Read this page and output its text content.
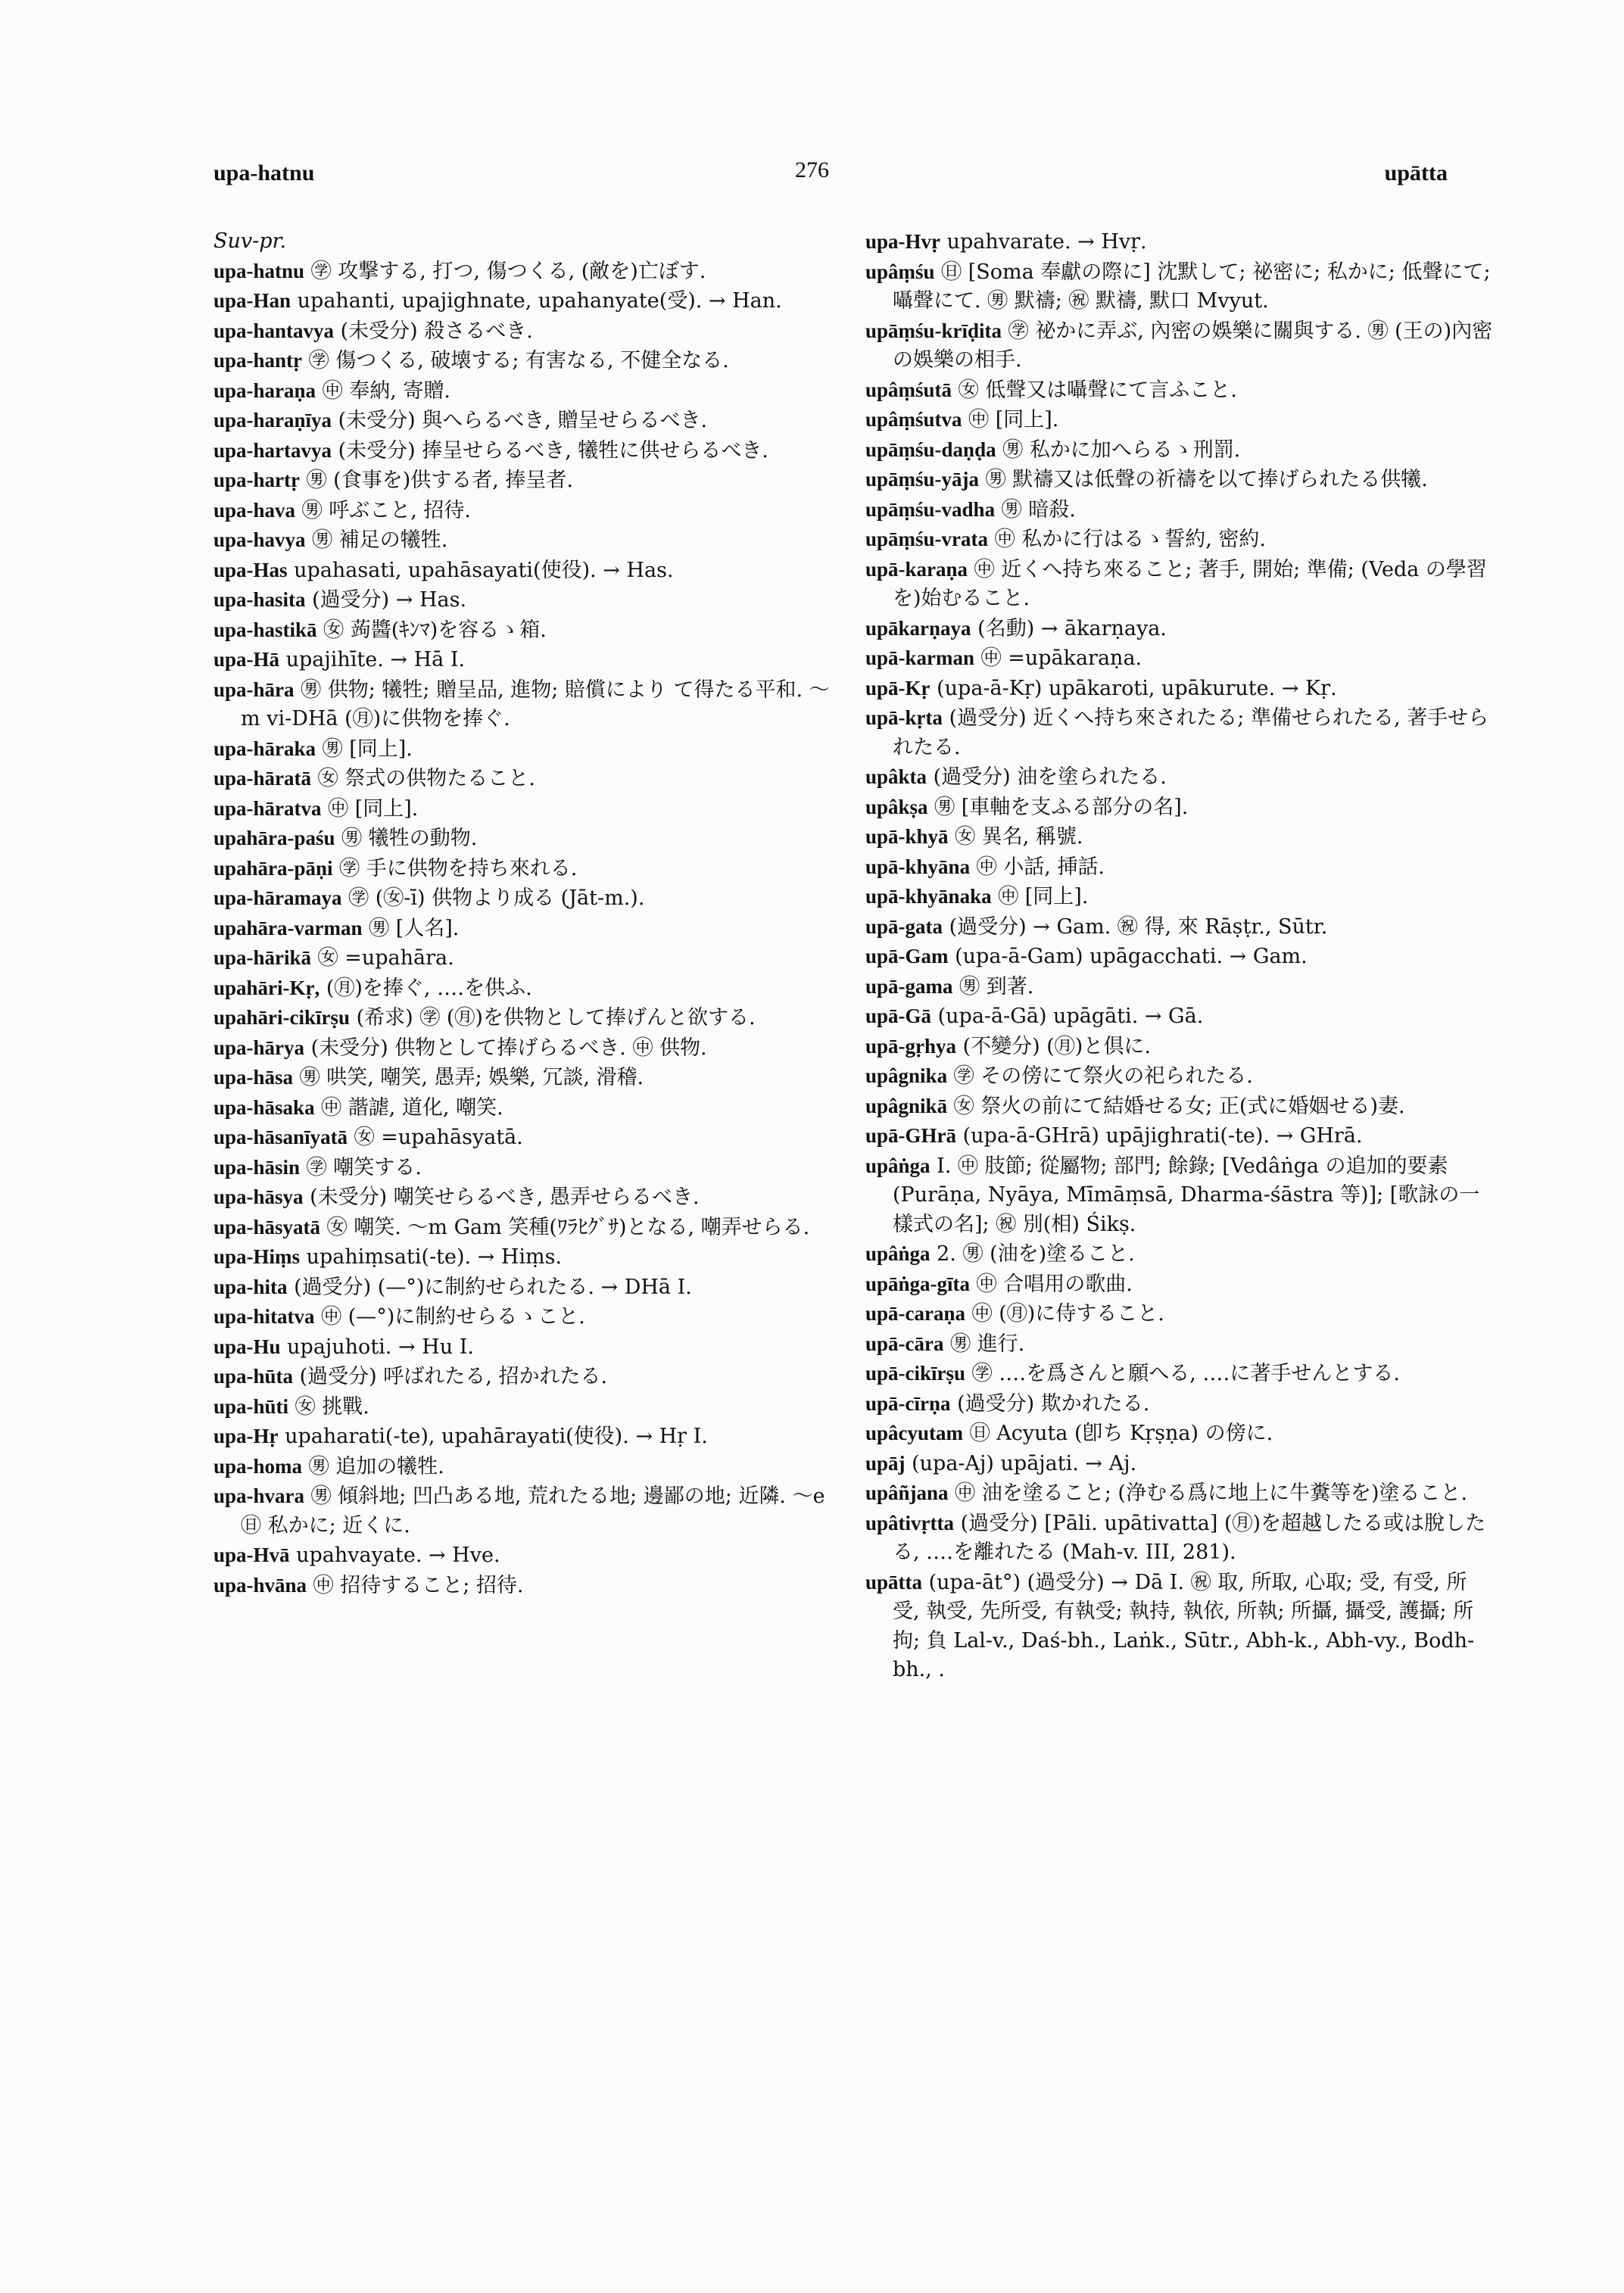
upa-hatnu	276	upātta

Suv-pr.

upa-hatnu ㊫ 攻撃する, 打つ, 傷つくる, (敵を)亡ぼす.

upa-Han upahanti, upajighnate, upahanyate(受). → Han.

upa-hantavya (未受分) 殺さるべき.

upa-hantṛ ㊫ 傷つくる, 破壊する; 有害なる, 不健全なる.

upa-haraṇa ㊥ 奉納, 寄贈.

upa-haraṇīya (未受分) 與へらるべき, 贈呈せらるべき.

upa-hartavya (未受分) 捧呈せらるべき, 犧牲に供せらるべき.

upa-hartṛ ㊚ (食事を)供する者, 捧呈者.

upa-hava ㊚ 呼ぶこと, 招待.

upa-havya ㊚ 補足の犧牲.

upa-Has upahasati, upahāsayati(使役). → Has.

upa-hasita (過受分) → Has.

upa-hastikā ㊛ 蒟醬(ｷﾝﾏ)を容るゝ箱.

upa-Hā upajihīte. → Hā I.

upa-hāra ㊚ 供物; 犧牲; 贈呈品, 進物; 賠償により て得たる平和. ～m vi-DHā (㊊)に供物を捧ぐ.

upa-hāraka ㊚ [同上].

upa-hāratā ㊛ 祭式の供物たること.

upa-hāratva ㊥ [同上].

upahāra-paśu ㊚ 犧牲の動物.

upahāra-pāṇi ㊫ 手に供物を持ち來れる.

upa-hāramaya ㊫ (㊛-ī) 供物より成る (Jāt-m.).

upahāra-varman ㊚ [人名].

upa-hārikā ㊛ =upahāra.

upahāri-Kṛ, (㊊)を捧ぐ, ‥‥を供ふ.

upahāri-cikīrṣu (希求) ㊫ (㊊)を供物として捧げんと欲する.

upa-hārya (未受分) 供物として捧げらるべき. ㊥ 供物.

upa-hāsa ㊚ 哄笑, 嘲笑, 愚弄; 娛樂, 冗談, 滑稽.

upa-hāsaka ㊥ 諧謔, 道化, 嘲笑.

upa-hāsanīyatā ㊛ =upahāsyatā.

upa-hāsin ㊫ 嘲笑する.

upa-hāsya (未受分) 嘲笑せらるべき, 愚弄せらるべき.

upa-hāsyatā ㊛ 嘲笑. ～m Gam 笑種(ﾜﾗﾋｸﾞｻ)となる, 嘲弄せらる.

upa-Hiṃs upahiṃsati(-te). → Hiṃs.

upa-hita (過受分) (—°)に制約せられたる. → DHā I.

upa-hitatva ㊥ (—°)に制約せらるゝこと.

upa-Hu upajuhoti. → Hu I.

upa-hūta (過受分) 呼ばれたる, 招かれたる.

upa-hūti ㊛ 挑戰.

upa-Hṛ upaharati(-te), upahārayati(使役). → Hṛ I.

upa-homa ㊚ 追加の犧牲.

upa-hvara ㊚ 傾斜地; 凹凸ある地, 荒れたる地; 邊鄙の地; 近隣. ～e ㊐ 私かに; 近くに.

upa-Hvā upahvayate. → Hve.

upa-hvāna ㊥ 招待すること; 招待.

upa-Hvṛ upahvarate. → Hvṛ.

upâṃśu ㊐ [Soma 奉獻の際に] 沈默して; 祕密に; 私かに; 低聲にて; 囁聲にて. ㊚ 默禱; ㊗ 默禱, 默口 Mvyut.

upāṃśu-krīḍita ㊫ 祕かに弄ぶ, 內密の娛樂に關與する. ㊚ (王の)內密の娛樂の相手.

upâṃśutā ㊛ 低聲又は囁聲にて言ふこと.

upâṃśutva ㊥ [同上].

upāṃśu-daṇḍa ㊚ 私かに加へらるゝ刑罰.

upāṃśu-yāja ㊚ 默禱又は低聲の祈禱を以て捧げられたる供犧.

upāṃśu-vadha ㊚ 暗殺.

upāṃśu-vrata ㊥ 私かに行はるゝ誓約, 密約.

upā-karaṇa ㊥ 近くへ持ち來ること; 著手, 開始; 準備; (Veda の學習を)始むること.

upākarṇaya (名動) → ākarṇaya.

upā-karman ㊥ =upākaraṇa.

upā-Kṛ (upa-ā-Kṛ) upākaroti, upākurute. → Kṛ.

upā-kṛta (過受分) 近くへ持ち來されたる; 準備せられたる, 著手せられたる.

upâkta (過受分) 油を塗られたる.

upâkṣa ㊚ [車軸を支ふる部分の名].

upā-khyā ㊛ 異名, 稱號.

upā-khyāna ㊥ 小話, 挿話.

upā-khyānaka ㊥ [同上].

upā-gata (過受分) → Gam. ㊗ 得, 來 Rāṣṭr., Sūtr.

upā-Gam (upa-ā-Gam) upāgacchati. → Gam.

upā-gama ㊚ 到著.

upā-Gā (upa-ā-Gā) upāgāti. → Gā.

upā-gṛhya (不變分) (㊊)と倶に.

upâgnika ㊫ その傍にて祭火の祀られたる.

upâgnikā ㊛ 祭火の前にて結婚せる女; 正(式に婚姻せる)妻.

upā-GHrā (upa-ā-GHrā) upājighrati(-te). → GHrā.

upâṅga I. ㊥ 肢節; 從屬物; 部門; 餘錄; [Vedâṅga の追加的要素(Purāṇa, Nyāya, Mīmāṃsā, Dharma-śāstra 等)]; [歌詠の一樣式の名]; ㊗ 別(相) Śikṣ.

upâṅga 2. ㊚ (油を)塗ること.

upāṅga-gīta ㊥ 合唱用の歌曲.

upā-caraṇa ㊥ (㊊)に侍すること.

upā-cāra ㊚ 進行.

upā-cikīrṣu ㊫ ‥‥を爲さんと願へる, ‥‥に著手せんとする.

upā-cīrṇa (過受分) 欺かれたる.

upâcyutam ㊐ Acyuta (卽ち Kṛṣṇa) の傍に.

upāj (upa-Aj) upājati. → Aj.

upâñjana ㊥ 油を塗ること; (浄むる爲に地上に牛糞等を)塗ること.

upâtivṛtta (過受分) [Pāli. upātivatta] (㊊)を超越したる或は脫したる, ‥‥を離れたる (Mah-v. III, 281).

upātta (upa-āt°) (過受分) → Dā I. ㊗ 取, 所取, 心取; 受, 有受, 所受, 執受, 先所受, 有執受; 執持, 執依, 所執; 所攝, 攝受, 護攝; 所拘; 負 Lal-v., Daś-bh., Laṅk., Sūtr., Abh-k., Abh-vy., Bodh-bh., .
